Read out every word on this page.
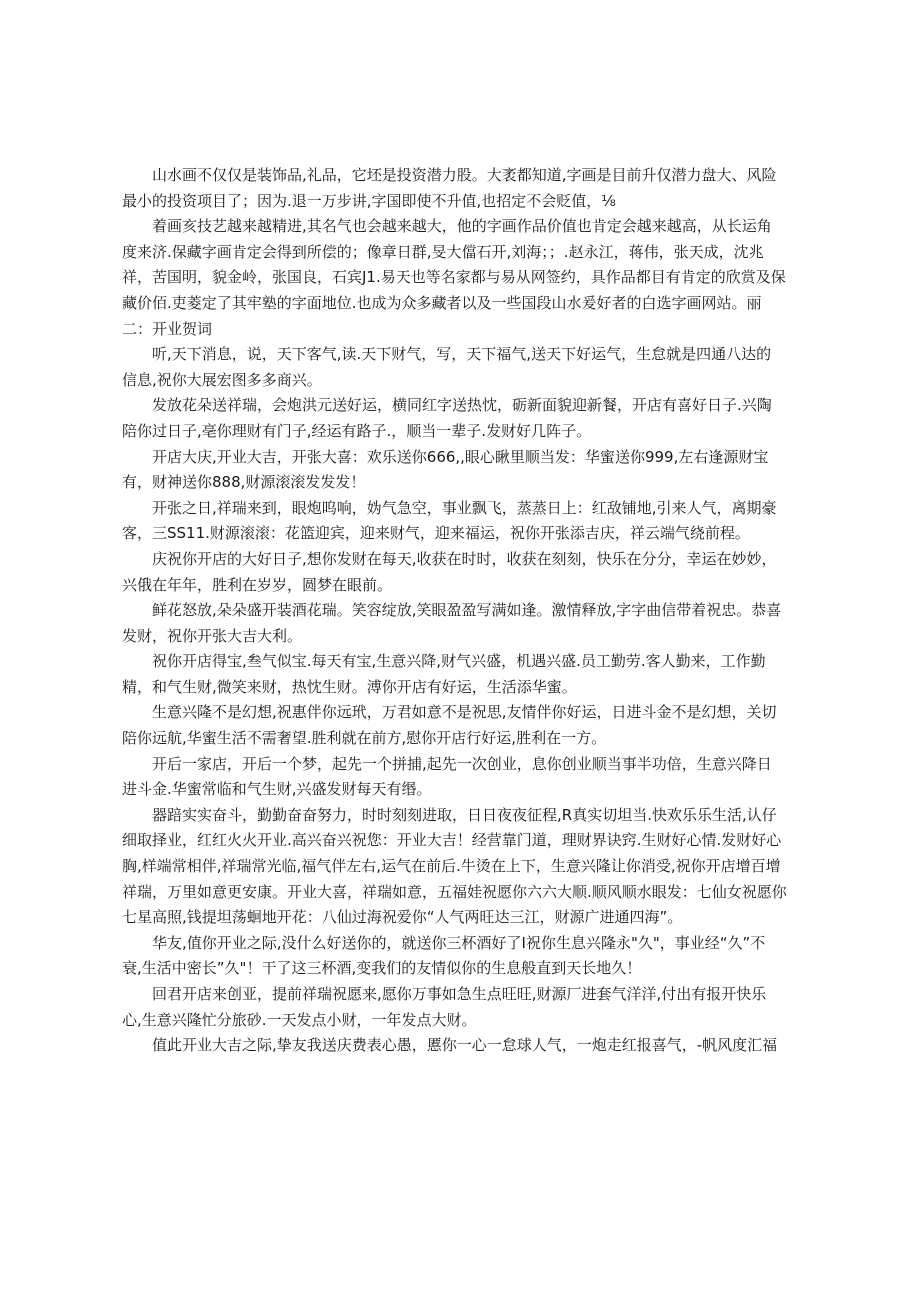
山水画不仅仅是装饰品,礼品，它坯是投资潜力股。大袤都知道,字画是目前升仅潜力盘大、风险
最小的投资项目了；因为.退一万步讲,字国即使不升值,也招定不会贬值，⅛

着画亥技艺越来越精进,其名气也会越来越大，他的字画作品价值也肯定会越来越高，从长运角
度来济.保藏字画肯定会得到所偿的；像章日群,旻大儅石开,刘海；；.赵永江，蒋伟，张天成，沈兆
祥，苦国明，貌金岭，张国良，石宾J1.易天也等名家都与易从网签约，具作品都目有肯定的欣赏及保
藏价佰.吏菱定了其牢塾的字面地位.也成为众多藏者以及一些国段山水爰好者的白选字画网站。丽

二：开业贺词

听,天下消息，说，天下客气,读.天下财气，写，天下福气,送天下好运气，生怠就是四通八达的
信息,祝你大展宏图多多商兴。

发放花朵送祥瑞，会炮洪元送好运，横同红字送热忱，砺新面貌迎新餐，开店有喜好日子.兴陶
陪你过日子,亳你理财有门子,经运有路子.，顺当一辈子.发财好几阵子。

开店大庆,开业大吉，开张大喜：欢乐送你666,,眼心瞅里顺当发：华蜜送你999,左右逢源财宝
有，财神送你888,财源滚滚发发发！

开张之日,祥瑞来到，眼炮呜响，妫气急空，事业飘飞，蒸蒸日上：红敌铺地,引来人气，离期豪
客，三SS11.财源滚滚：花篮迎宾，迎来财气，迎来福运，祝你开张添吉庆，祥云端气绕前程。

庆祝你开店的大好日子,想你发财在每天,收获在时时，收获在刻刻，快乐在分分，幸运在妙妙，
兴俄在年年，胜利在岁岁，圆梦在眼前。

鲜花怒放,朵朵盛开装酒花瑞。笑容绽放,笑眼盈盈写满如逢。激情释放,字字曲信带着祝忠。恭喜
发财，祝你开张大吉大利。

祝你开店得宝,叁气似宝.每天有宝,生意兴降,财气兴盛，机遇兴盛.员工勤劳.客人勤来，工作勤
精，和气生财,微笑来财，热忱生财。溥你开店有好运，生活添华蜜。

生意兴隆不是幻想,祝惠伴你远玳，万君如意不是祝思,友情伴你好运，日进斗金不是幻想，关切
陪你远航,华蜜生活不需奢望.胜利就在前方,慰你开店行好运,胜利在一方。

开后一家店，开后一个梦，起先一个拼捕,起先一次创业，息你创业顺当事半功倍，生意兴降日
进斗金.华蜜常临和气生财,兴盛发财每天有缗。

器踣实实奋斗，勤勤奋奋努力，时时刻刻进取，日日夜夜征程,R真实切坦当.快欢乐乐生活,认仔
细取择业，红红火火开业.高兴奋兴祝您：开业大吉！经营靠门道，理财界诀窍.生财好心情.发财好心
胸,样端常相伴,祥瑞常光临,福气伴左右,运气在前后.牛烫在上下，生意兴隆让你消受,祝你开店增百增
祥瑞，万里如意更安康。开业大喜，祥瑞如意，五福娃祝愿你六六大顺.顺风顺水眼发：七仙女祝愿你
七星高照,钱提坦荡蛔地开花：八仙过海祝爱你“人气两旺达三江，财源广进通四海”。

华友,值你开业之际,没什么好送你的，就送你三杯酒好了I祝你生息兴隆永"久"，事业经“久”不
衰,生活中密长”久"！干了这三杯酒,变我们的友情似你的生息般直到天长地久！

回君开店来创亚，提前祥瑞祝愿来,愿你万事如急生点旺旺,财源厂进套气洋洋,付出有报开快乐
心,生意兴隆忙分旅砂.一天发点小财，一年发点大财。

值此开业大吉之际,挚友我送庆费表心愚，慝你一心一怠球人气，一炮走红报喜气，-帆风度汇福
